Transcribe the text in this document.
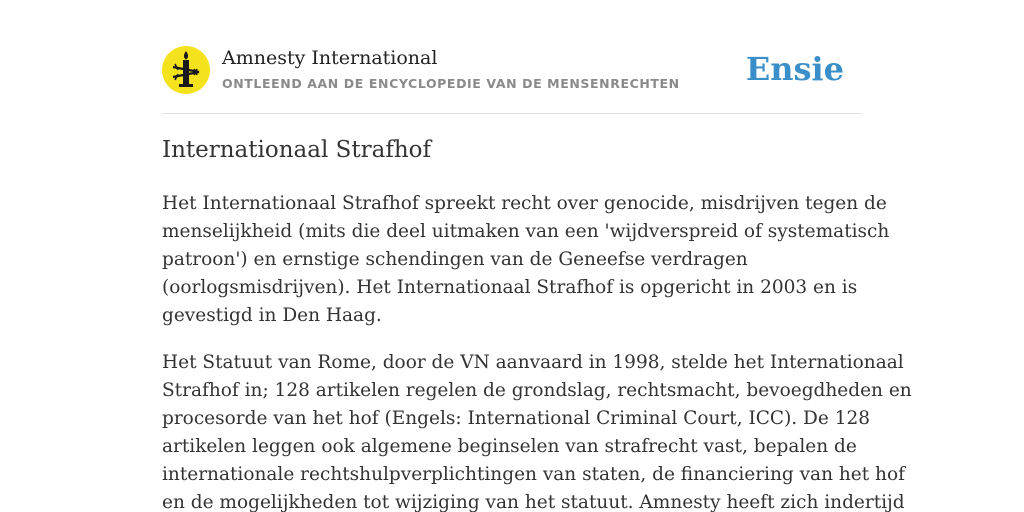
Amnesty International
ONTLEEND AAN DE ENCYCLOPEDIE VAN DE MENSENRECHTEN Ensie
Internationaal Strafhof
Het Internationaal Strafhof spreekt recht over genocide, misdrijven tegen de
menselijkheid (mits die deel uitmaken van een 'wijdverspreid of systematisch
patroon') en ernstige schendingen van de Geneefse verdragen
(oorlogsmisdrijven). Het Internationaal Strafhof is opgericht in 2003 en is
gevestigd in Den Haag.
Het Statuut van Rome, door de VN aanvaard in 1998, stelde het Internationaal
Strafhof in; 128 artikelen regelen de grondslag, rechtsmacht, bevoegdheden en
procesorde van het hof (Engels: International Criminal Court, ICC). De 128
artikelen leggen ook algemene beginselen van strafrecht vast, bepalen de
internationale rechtshulpverplichtingen van staten, de financiering van het hof
en de mogelijkheden tot wijziging van het statuut. Amnesty heeft zich indertijd
